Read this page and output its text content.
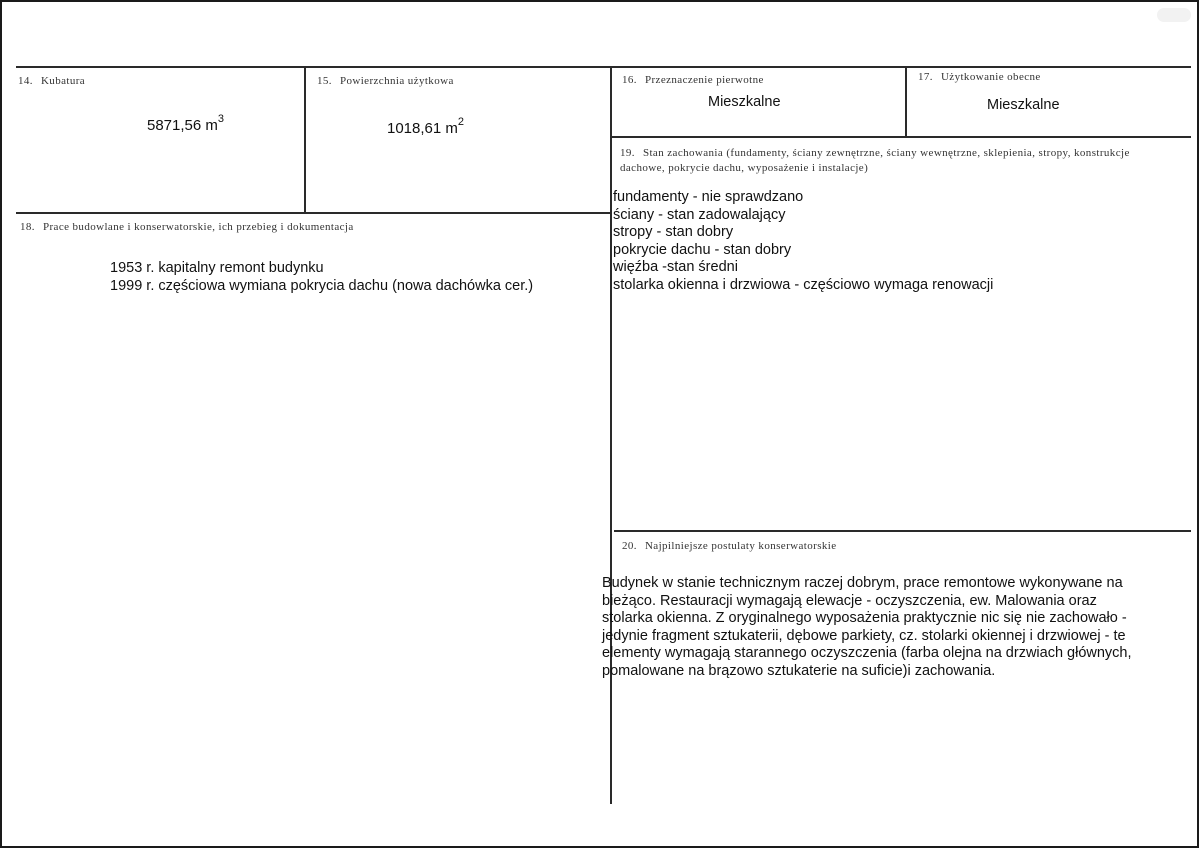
14. Kubatura
5871,56 $m^3$
15. Powierzchnia użytkowa
1018,61 $m^2$
16. Przeznaczenie pierwotne
Mieszkalne
17. Użytkowanie obecne
Mieszkalne
18. Prace budowlane i konserwatorskie, ich przebieg i dokumentacja
1953 r. kapitalny remont budynku
1999 r. częściowa wymiana pokrycia dachu (nowa dachówka cer.)
19. Stan zachowania (fundamenty, ściany zewnętrzne, ściany wewnętrzne, sklepienia, stropy, konstrukcje dachowe, pokrycie dachu, wyposażenie i instalacje)
fundamenty - nie sprawdzano
ściany - stan zadowalający
stropy - stan dobry
pokrycie dachu - stan dobry
więźba -stan średni
stolarka okienna i drzwiowa - częściowo wymaga renowacji
20. Najpilniejsze postulaty konserwatorskie
Budynek w stanie technicznym raczej dobrym, prace remontowe wykonywane na
bieżąco. Restauracji wymagają elewacje - oczyszczenia, ew. Malowania oraz
stolarka okienna. Z oryginalnego wyposażenia praktycznie nic się nie zachowało -
jedynie fragment sztukaterii, dębowe parkiety, cz. stolarki okiennej i drzwiowej - te
elementy wymagają starannego oczyszczenia (farba olejna na drzwiach głównych,
pomalowane na brązowo sztukaterie na suficie)i zachowania.
